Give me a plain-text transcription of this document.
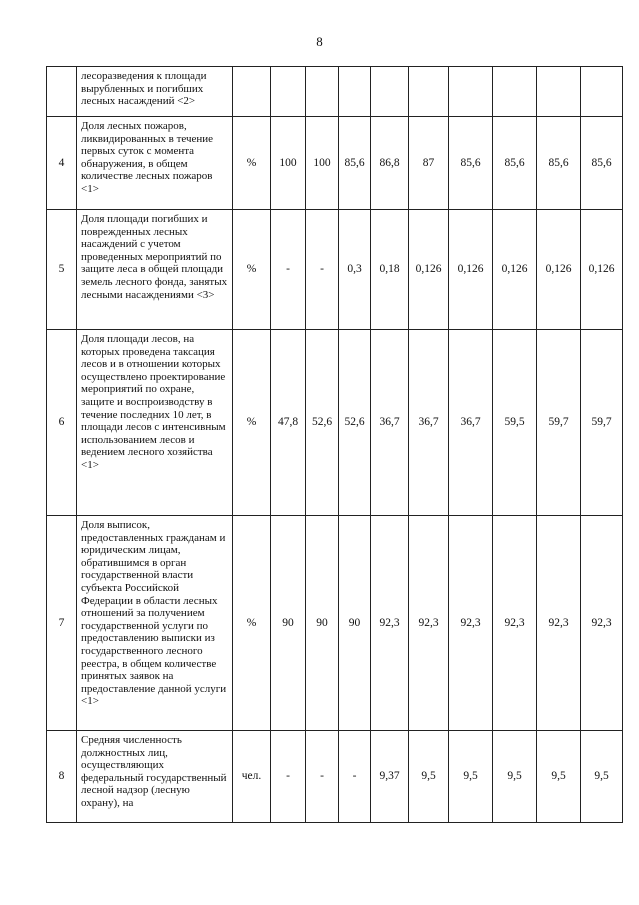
8
	лесоразведения к площади вырубленных и погибших лесных насаждений <2>										
4	Доля лесных пожаров, ликвидированных в течение первых суток с момента обнаружения, в общем количестве лесных пожаров <1>	%	100	100	85,6	86,8	87	85,6	85,6	85,6	85,6
5	Доля площади погибших и поврежденных лесных насаждений с учетом проведенных мероприятий по защите леса в общей площади земель лесного фонда, занятых лесными насаждениями <3>	%	-	-	0,3	0,18	0,126	0,126	0,126	0,126	0,126
6	Доля площади лесов, на которых проведена таксация лесов и в отношении которых осуществлено проектирование мероприятий по охране, защите и воспроизводству в течение последних 10 лет, в площади лесов с интенсивным использованием лесов и ведением лесного хозяйства <1>	%	47,8	52,6	52,6	36,7	36,7	36,7	59,5	59,7	59,7
7	Доля выписок, предоставленных гражданам и юридическим лицам, обратившимся в орган государственной власти субъекта Российской Федерации в области лесных отношений за получением государственной услуги по предоставлению выписки из государственного лесного реестра, в общем количестве принятых заявок на предоставление данной услуги <1>	%	90	90	90	92,3	92,3	92,3	92,3	92,3	92,3
8	Средняя численность должностных лиц, осуществляющих федеральный государственный лесной надзор (лесную охрану), на	чел.	-	-	-	9,37	9,5	9,5	9,5	9,5	9,5
